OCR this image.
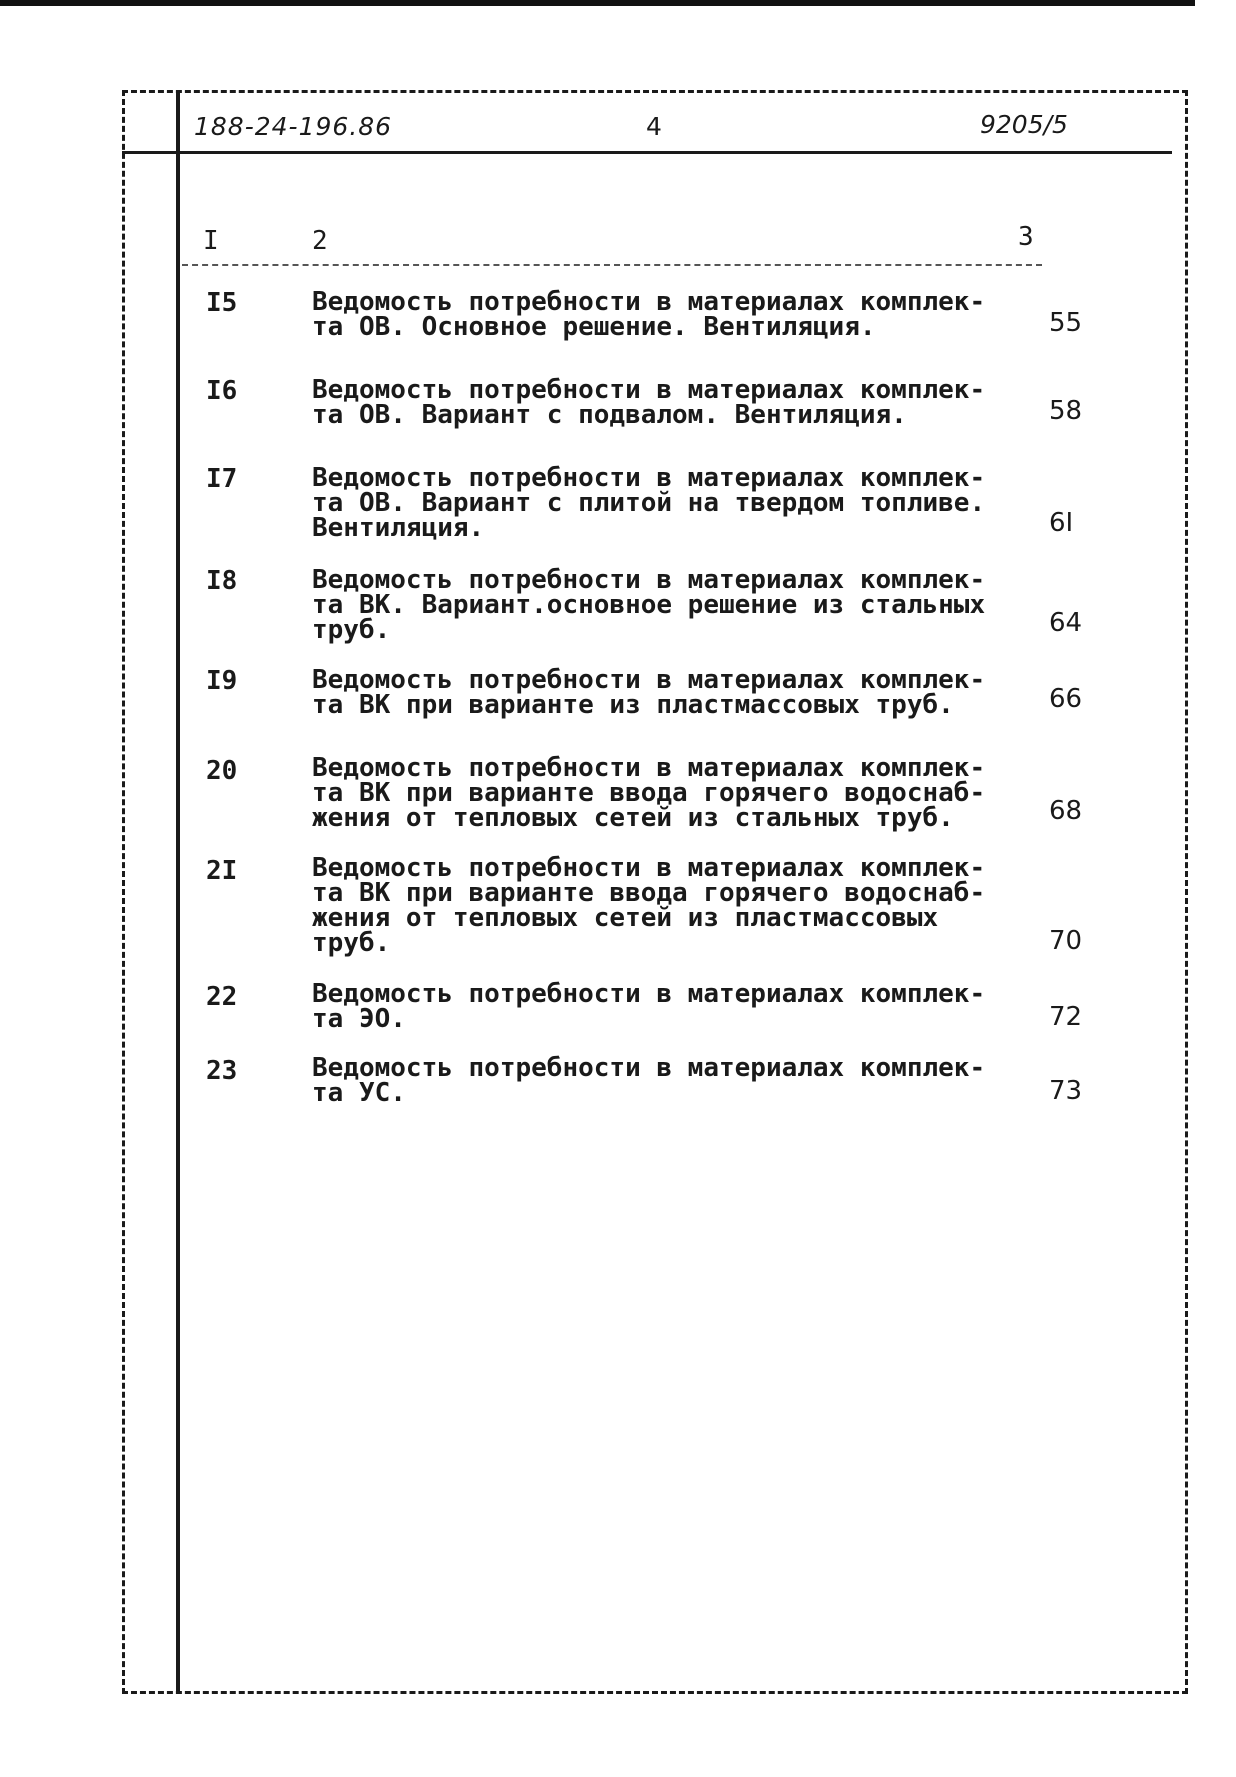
188-24-196.86	4	9205/5
I	2	3
I5	Ведомость потребности в материалах комплек-
та ОВ. Основное решение. Вентиляция.	55
I6	Ведомость потребности в материалах комплек-
та ОВ. Вариант с подвалом. Вентиляция.	58
I7	Ведомость потребности в материалах комплек-
та ОВ. Вариант с плитой на твердом топливе.
Вентиляция.	6I
I8	Ведомость потребности в материалах комплек-
та ВК. Вариант.основное решение из стальных
труб.	64
I9	Ведомость потребности в материалах комплек-
та ВК при варианте из пластмассовых труб.	66
20	Ведомость потребности в материалах комплек-
та ВК при варианте ввода горячего водоснаб-
жения от тепловых сетей из стальных труб.	68
2I	Ведомость потребности в материалах комплек-
та ВК при варианте ввода горячего водоснаб-
жения от тепловых сетей из пластмассовых
труб.	70
22	Ведомость потребности в материалах комплек-
та ЭО.	72
23	Ведомость потребности в материалах комплек-
та УС.	73
